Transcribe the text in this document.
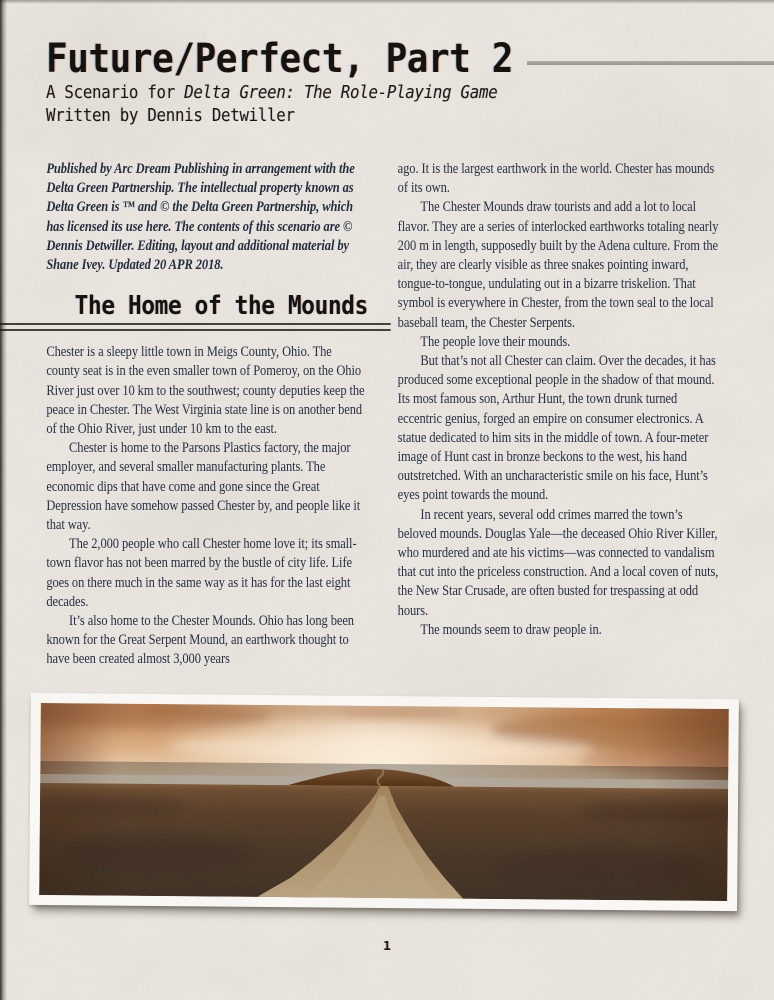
Future/Perfect, Part 2
A Scenario for Delta Green: The Role-Playing Game
Written by Dennis Detwiller

Published by Arc Dream Publishing in arrangement with the Delta Green Partnership. The intellectual property known as Delta Green is ™ and © the Delta Green Partnership, which has licensed its use here. The contents of this scenario are © Dennis Detwiller. Editing, layout and additional material by Shane Ivey. Updated 20 APR 2018.

The Home of the Mounds

Chester is a sleepy little town in Meigs County, Ohio. The county seat is in the even smaller town of Pomeroy, on the Ohio River just over 10 km to the southwest; county deputies keep the peace in Chester. The West Virginia state line is on another bend of the Ohio River, just under 10 km to the east.

Chester is home to the Parsons Plastics factory, the major employer, and several smaller manufacturing plants. The economic dips that have come and gone since the Great Depression have somehow passed Chester by, and people like it that way.

The 2,000 people who call Chester home love it; its small-town flavor has not been marred by the bustle of city life. Life goes on there much in the same way as it has for the last eight decades.

It’s also home to the Chester Mounds. Ohio has long been known for the Great Serpent Mound, an earthwork thought to have been created almost 3,000 years

ago. It is the largest earthwork in the world. Chester has mounds of its own.

The Chester Mounds draw tourists and add a lot to local flavor. They are a series of interlocked earthworks totaling nearly 200 m in length, supposedly built by the Adena culture. From the air, they are clearly visible as three snakes pointing inward, tongue-to-tongue, undulating out in a bizarre triskelion. That symbol is everywhere in Chester, from the town seal to the local baseball team, the Chester Serpents.

The people love their mounds.

But that’s not all Chester can claim. Over the decades, it has produced some exceptional people in the shadow of that mound. Its most famous son, Arthur Hunt, the town drunk turned eccentric genius, forged an empire on consumer electronics. A statue dedicated to him sits in the middle of town. A four-meter image of Hunt cast in bronze beckons to the west, his hand outstretched. With an uncharacteristic smile on his face, Hunt’s eyes point towards the mound.

In recent years, several odd crimes marred the town’s beloved mounds. Douglas Yale—the deceased Ohio River Killer, who murdered and ate his victims—was connected to vandalism that cut into the priceless construction. And a local coven of nuts, the New Star Crusade, are often busted for trespassing at odd hours.

The mounds seem to draw people in.

1
